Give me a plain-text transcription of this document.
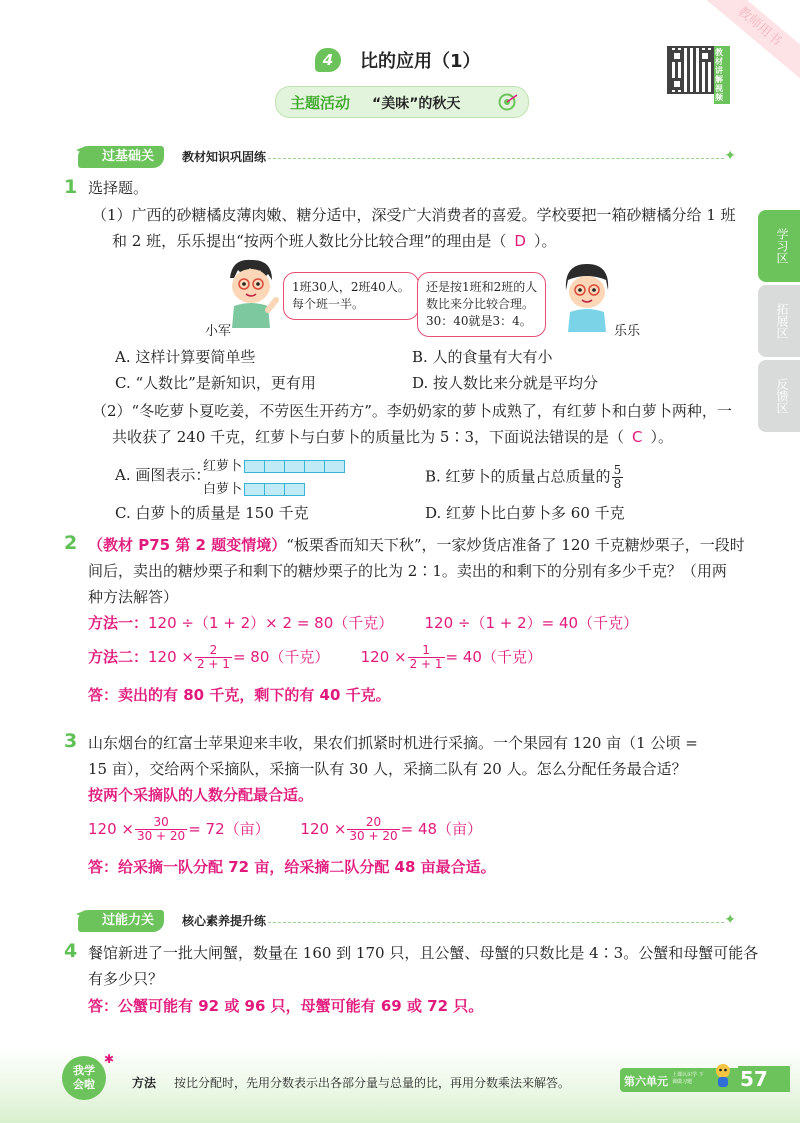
教师用书
4	比的应用（1）
主题活动 “美味”的秋天
教材讲解视频
学习区
拓展区
反馈区
过基础关	教材知识巩固练	✦
1 选择题。
（1）广西的砂糖橘皮薄肉嫩、糖分适中，深受广大消费者的喜爱。学校要把一箱砂糖橘分给 1 班
和 2 班，乐乐提出“按两个班人数比分比较合理”的理由是（ D ）。
小军
1班30人，2班40人。
每个班一半。
还是按1班和2班的人
数比来分比较合理。
30：40就是3：4。
乐乐
A. 这样计算要简单些	B. 人的食量有大有小
C. “人数比”是新知识，更有用	D. 按人数比来分就是平均分
（2）“冬吃萝卜夏吃姜，不劳医生开药方”。李奶奶家的萝卜成熟了，有红萝卜和白萝卜两种，一
共收获了 240 千克，红萝卜与白萝卜的质量比为 5∶3，下面说法错误的是（ C ）。
A. 画图表示：
红萝卜
白萝卜
B. 红萝卜的质量占总质量的 $\frac{5}{8}$
C. 白萝卜的质量是 150 千克	D. 红萝卜比白萝卜多 60 千克
2 （教材 P75 第 2 题变情境）“板栗香而知天下秋”，一家炒货店准备了 120 千克糖炒栗子，一段时
间后，卖出的糖炒栗子和剩下的糖炒栗子的比为 2∶1。卖出的和剩下的分别有多少千克？（用两
种方法解答）
方法一：120 ÷（1 + 2）× 2 = 80（千克） 120 ÷（1 + 2）= 40（千克）
方法二：$120 \times \frac{2}{2 + 1} = 80$（千克） $120 \times \frac{1}{2 + 1} = 40$（千克）
答：卖出的有 80 千克，剩下的有 40 千克。
3 山东烟台的红富士苹果迎来丰收，果农们抓紧时机进行采摘。一个果园有 120 亩（1 公顷 =
15 亩），交给两个采摘队，采摘一队有 30 人，采摘二队有 20 人。怎么分配任务最合适？
按两个采摘队的人数分配最合适。
$120 \times \frac{30}{30 + 20} = 72$（亩） $120 \times \frac{20}{30 + 20} = 48$（亩）
答：给采摘一队分配 72 亩，给采摘二队分配 48 亩最合适。
过能力关	核心素养提升练	✦
4 餐馆新进了一批大闸蟹，数量在 160 到 170 只，且公蟹、母蟹的只数比是 4∶3。公蟹和母蟹可能各
有多少只？
答：公蟹可能有 92 或 96 只，母蟹可能有 69 或 72 只。
我学会啦
✱
方法 按比分配时，先用分数表示出各部分量与总量的比，再用分数乘法来解答。	第六单元 上课认识学 下课做习题	57
